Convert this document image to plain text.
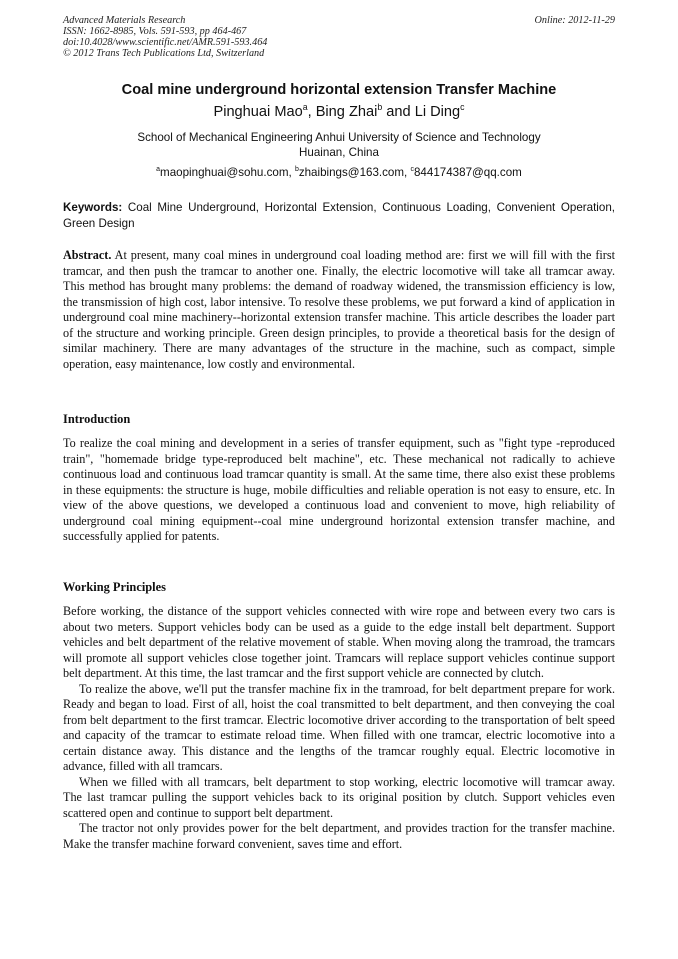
Advanced Materials Research
ISSN: 1662-8985, Vols. 591-593, pp 464-467
doi:10.4028/www.scientific.net/AMR.591-593.464
© 2012 Trans Tech Publications Ltd, Switzerland
Online: 2012-11-29
Coal mine underground horizontal extension Transfer Machine
Pinghuai Mao$^a$, Bing Zhai$^b$ and Li Ding$^c$
School of Mechanical Engineering Anhui University of Science and Technology
Huainan, China
$^a$maopinghuai@sohu.com, $^b$zhaibings@163.com, $^c$844174387@qq.com
Keywords: Coal Mine Underground, Horizontal Extension, Continuous Loading, Convenient Operation, Green Design
Abstract. At present, many coal mines in underground coal loading method are: first we will fill with the first tramcar, and then push the tramcar to another one. Finally, the electric locomotive will take all tramcar away. This method has brought many problems: the demand of roadway widened, the transmission efficiency is low, the transmission of high cost, labor intensive. To resolve these problems, we put forward a kind of application in underground coal mine machinery--horizontal extension transfer machine. This article describes the loader part of the structure and working principle. Green design principles, to provide a theoretical basis for the design of similar machinery. There are many advantages of the structure in the machine, such as compact, simple operation, easy maintenance, low costly and environmental.
Introduction

To realize the coal mining and development in a series of transfer equipment, such as "fight type -reproduced train", "homemade bridge type-reproduced belt machine", etc. These mechanical not radically to achieve continuous load and continuous load tramcar quantity is small. At the same time, there also exist these problems in these equipments: the structure is huge, mobile difficulties and reliable operation is not easy to ensure, etc. In view of the above questions, we developed a continuous load and convenient to move, high reliability of underground coal mining equipment--coal mine underground horizontal extension transfer machine, and successfully applied for patents.

Working Principles

Before working, the distance of the support vehicles connected with wire rope and between every two cars is about two meters. Support vehicles body can be used as a guide to the edge install belt department. Support vehicles and belt department of the relative movement of stable. When moving along the tramroad, the tramcars will promote all support vehicles close together joint. Tramcars will replace support vehicles continue support belt department. At this time, the last tramcar and the first support vehicle are connected by clutch.

To realize the above, we'll put the transfer machine fix in the tramroad, for belt department prepare for work. Ready and began to load. First of all, hoist the coal transmitted to belt department, and then conveying the coal from belt department to the first tramcar. Electric locomotive driver according to the transportation of belt speed and capacity of the tramcar to estimate reload time. When filled with one tramcar, electric locomotive into a certain distance away. This distance and the lengths of the tramcar roughly equal. Electric locomotive in advance, filled with all tramcars.

When we filled with all tramcars, belt department to stop working, electric locomotive will tramcar away. The last tramcar pulling the support vehicles back to its original position by clutch. Support vehicles even scattered open and continue to support belt department.

The tractor not only provides power for the belt department, and provides traction for the transfer machine. Make the transfer machine forward convenient, saves time and effort.
